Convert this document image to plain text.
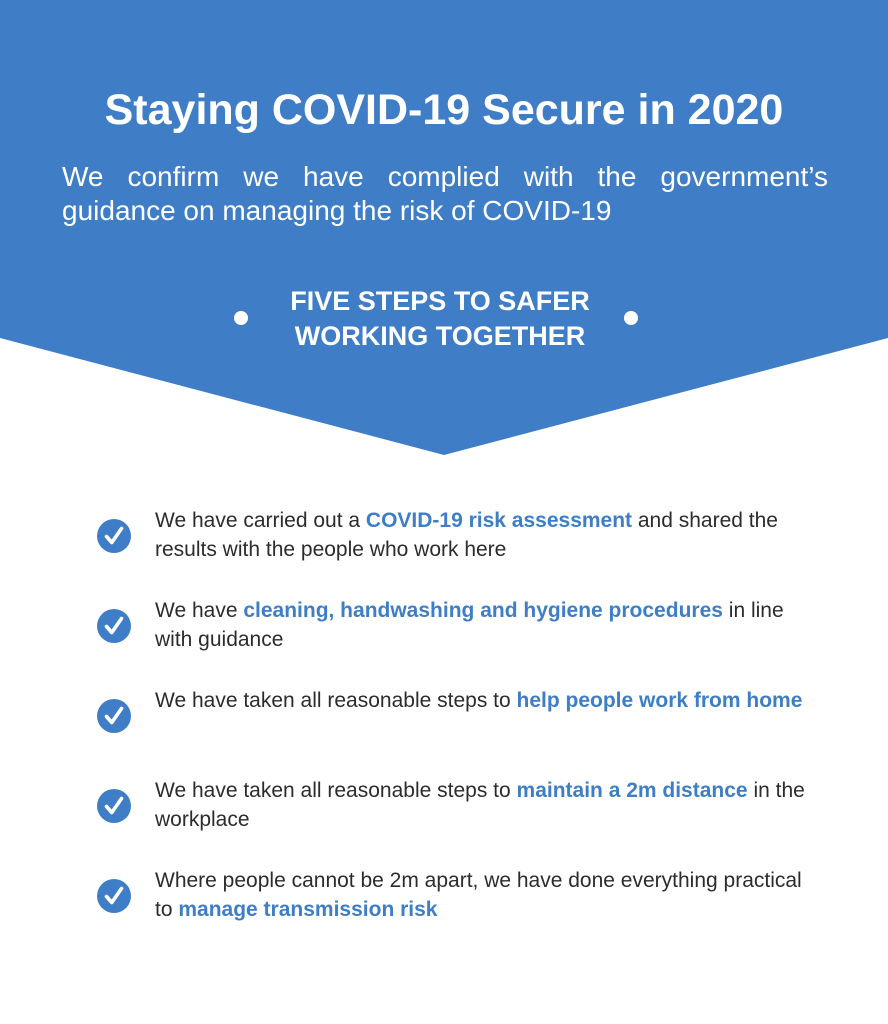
Staying COVID-19 Secure in 2020

We confirm we have complied with the government’s guidance on managing the risk of COVID-19

FIVE STEPS TO SAFER
WORKING TOGETHER

We have carried out a COVID-19 risk assessment and shared the results with the people who work here

We have cleaning, handwashing and hygiene procedures in line with guidance

We have taken all reasonable steps to help people work from home

We have taken all reasonable steps to maintain a 2m distance in the workplace

Where people cannot be 2m apart, we have done everything practical to manage transmission risk
